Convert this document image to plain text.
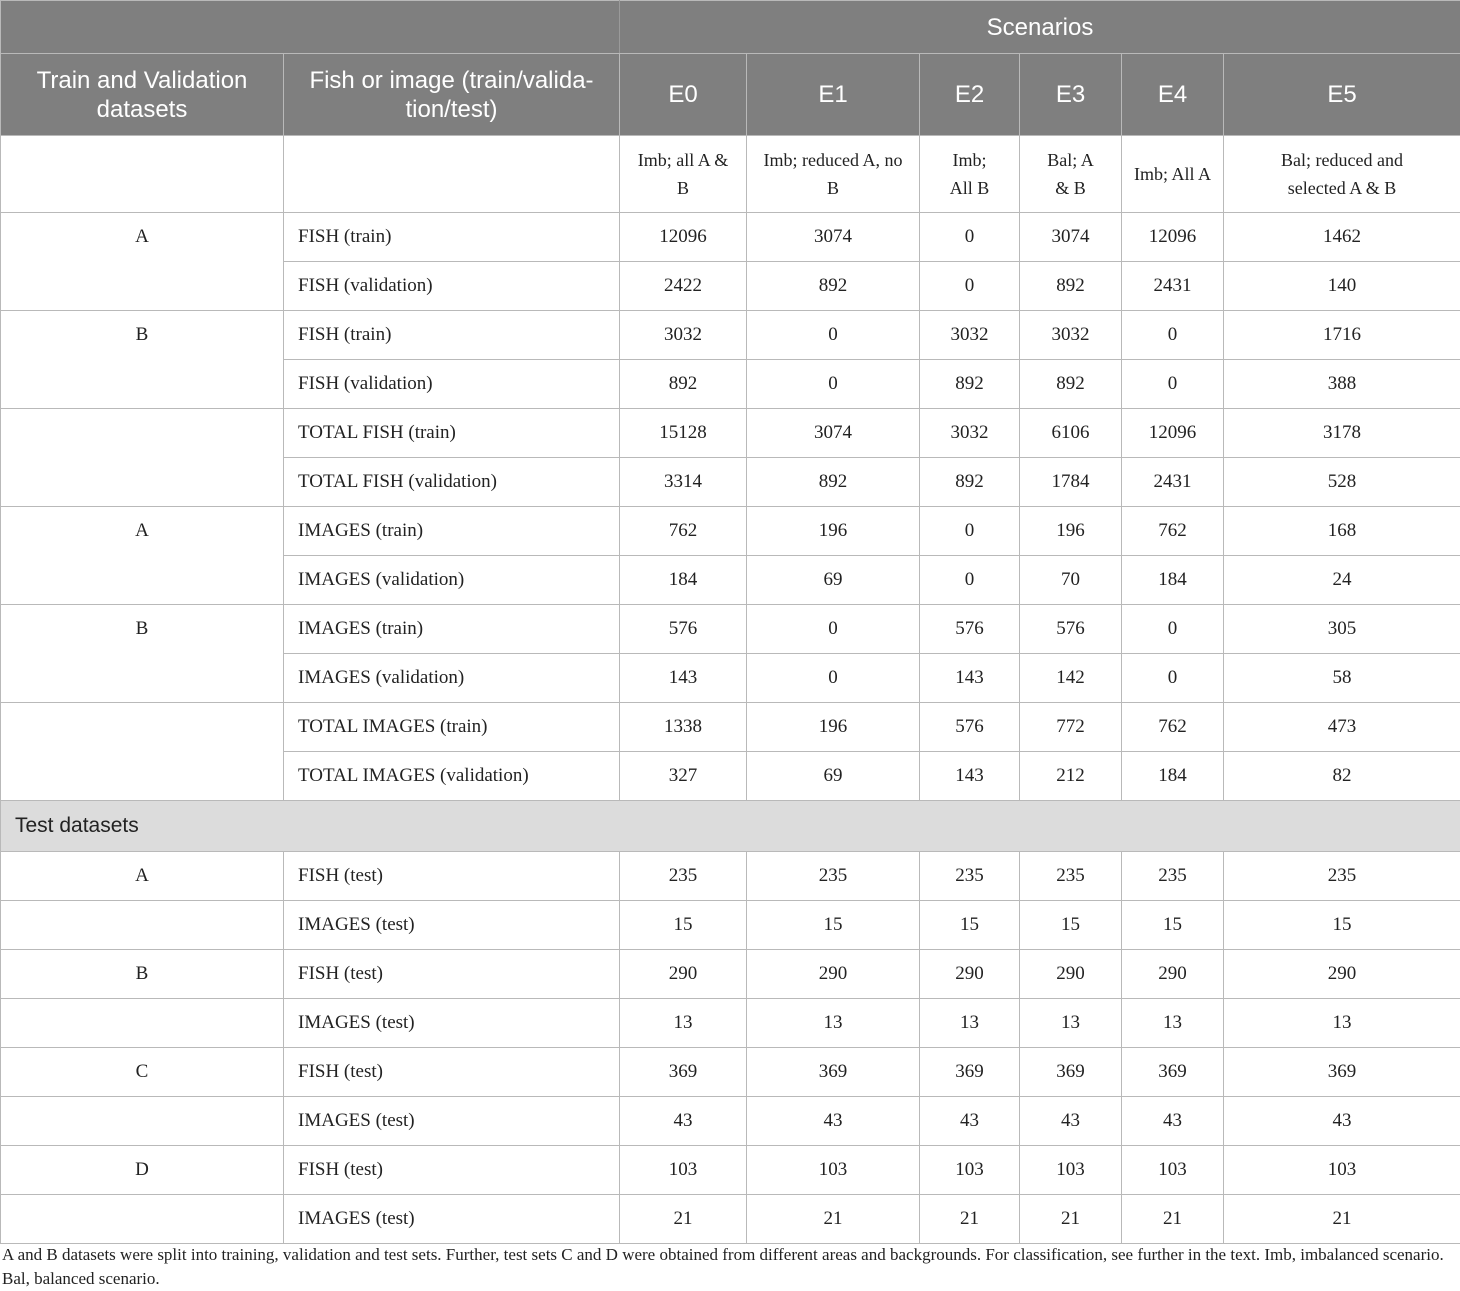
		Scenarios					
Train and Validation datasets	Fish or image (train/valida-tion/test)	E0	E1	E2	E3	E4	E5
		Imb; all A & B	Imb; reduced A, no B	Imb; All B	Bal; A & B	Imb; All A	Bal; reduced and selected A & B
A	FISH (train)	12096	3074	0	3074	12096	1462
	FISH (validation)	2422	892	0	892	2431	140
B	FISH (train)	3032	0	3032	3032	0	1716
	FISH (validation)	892	0	892	892	0	388
	TOTAL FISH (train)	15128	3074	3032	6106	12096	3178
	TOTAL FISH (validation)	3314	892	892	1784	2431	528
A	IMAGES (train)	762	196	0	196	762	168
	IMAGES (validation)	184	69	0	70	184	24
B	IMAGES (train)	576	0	576	576	0	305
	IMAGES (validation)	143	0	143	142	0	58
	TOTAL IMAGES (train)	1338	196	576	772	762	473
	TOTAL IMAGES (validation)	327	69	143	212	184	82
Test datasets							
A	FISH (test)	235	235	235	235	235	235
	IMAGES (test)	15	15	15	15	15	15
B	FISH (test)	290	290	290	290	290	290
	IMAGES (test)	13	13	13	13	13	13
C	FISH (test)	369	369	369	369	369	369
	IMAGES (test)	43	43	43	43	43	43
D	FISH (test)	103	103	103	103	103	103
	IMAGES (test)	21	21	21	21	21	21
A and B datasets were split into training, validation and test sets. Further, test sets C and D were obtained from different areas and backgrounds. For classification, see further in the text. Imb, imbalanced scenario. Bal, balanced scenario.
